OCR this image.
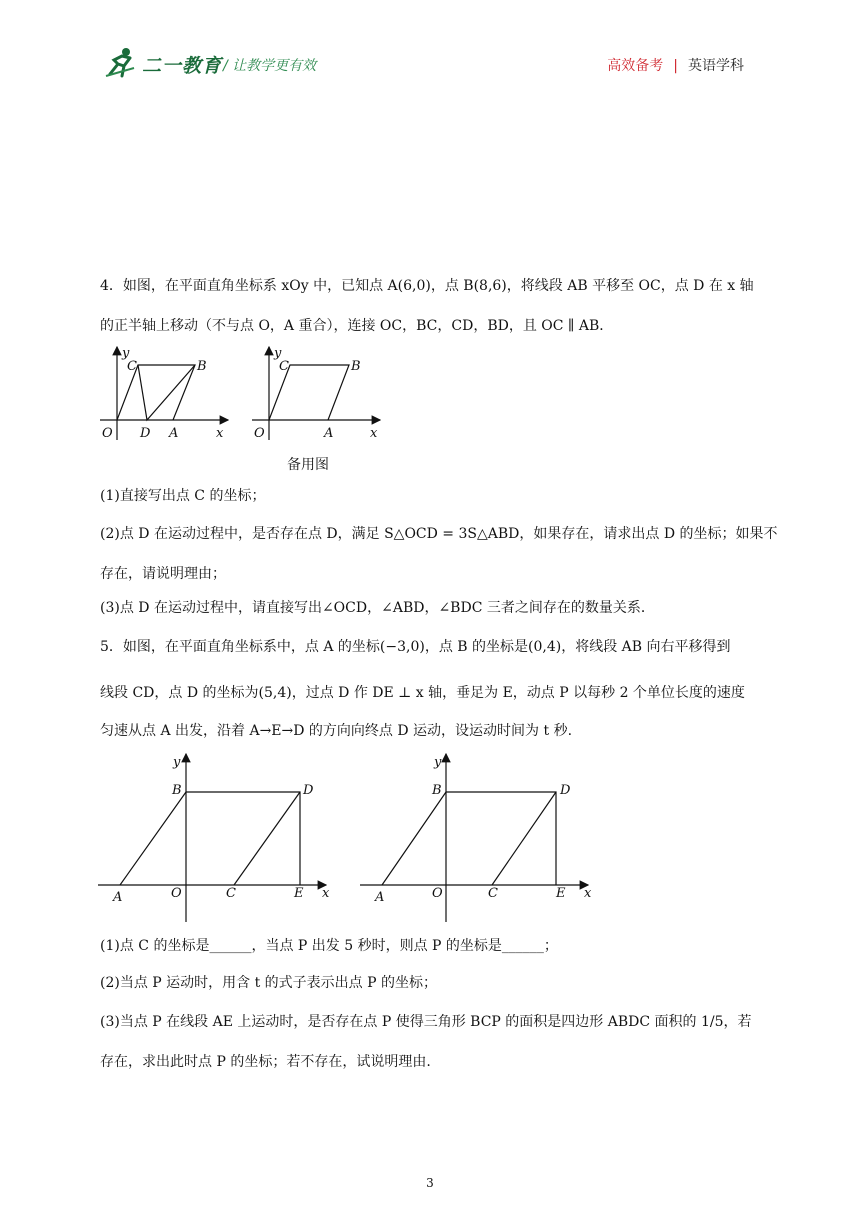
二一教育 / 让教学更有效	高效备考 | 英语学科
4．如图，在平面直角坐标系 xOy 中，已知点 A(6,0)，点 B(8,6)，将线段 AB 平移至 OC，点 D 在 x 轴
的正半轴上移动（不与点 O，A 重合），连接 OC，BC，CD，BD，且 OC ∥ AB．
O D A	x
y
C	B
O	A	x
y
C	B
备用图
(1)直接写出点 C 的坐标；
(2)点 D 在运动过程中，是否存在点 D，满足 S△OCD = 3S△ABD，如果存在，请求出点 D 的坐标；如果不
存在，请说明理由；
(3)点 D 在运动过程中，请直接写出∠OCD，∠ABD，∠BDC 三者之间存在的数量关系．
5．如图，在平面直角坐标系中，点 A 的坐标(−3,0)，点 B 的坐标是(0,4)，将线段 AB 向右平移得到
线段 CD，点 D 的坐标为(5,4)，过点 D 作 DE ⊥ x 轴，垂足为 E，动点 P 以每秒 2 个单位长度的速度
匀速从点 A 出发，沿着 A→E→D 的方向向终点 D 运动，设运动时间为 t 秒.
A	O	C	E x
y
B	D
A	O	C	E x
y
B	D
(1)点 C 的坐标是______，当点 P 出发 5 秒时，则点 P 的坐标是______；
(2)当点 P 运动时，用含 t 的式子表示出点 P 的坐标；
(3)当点 P 在线段 AE 上运动时，是否存在点 P 使得三角形 BCP 的面积是四边形 ABDC 面积的 1/5，若
存在，求出此时点 P 的坐标；若不存在，试说明理由.
3
